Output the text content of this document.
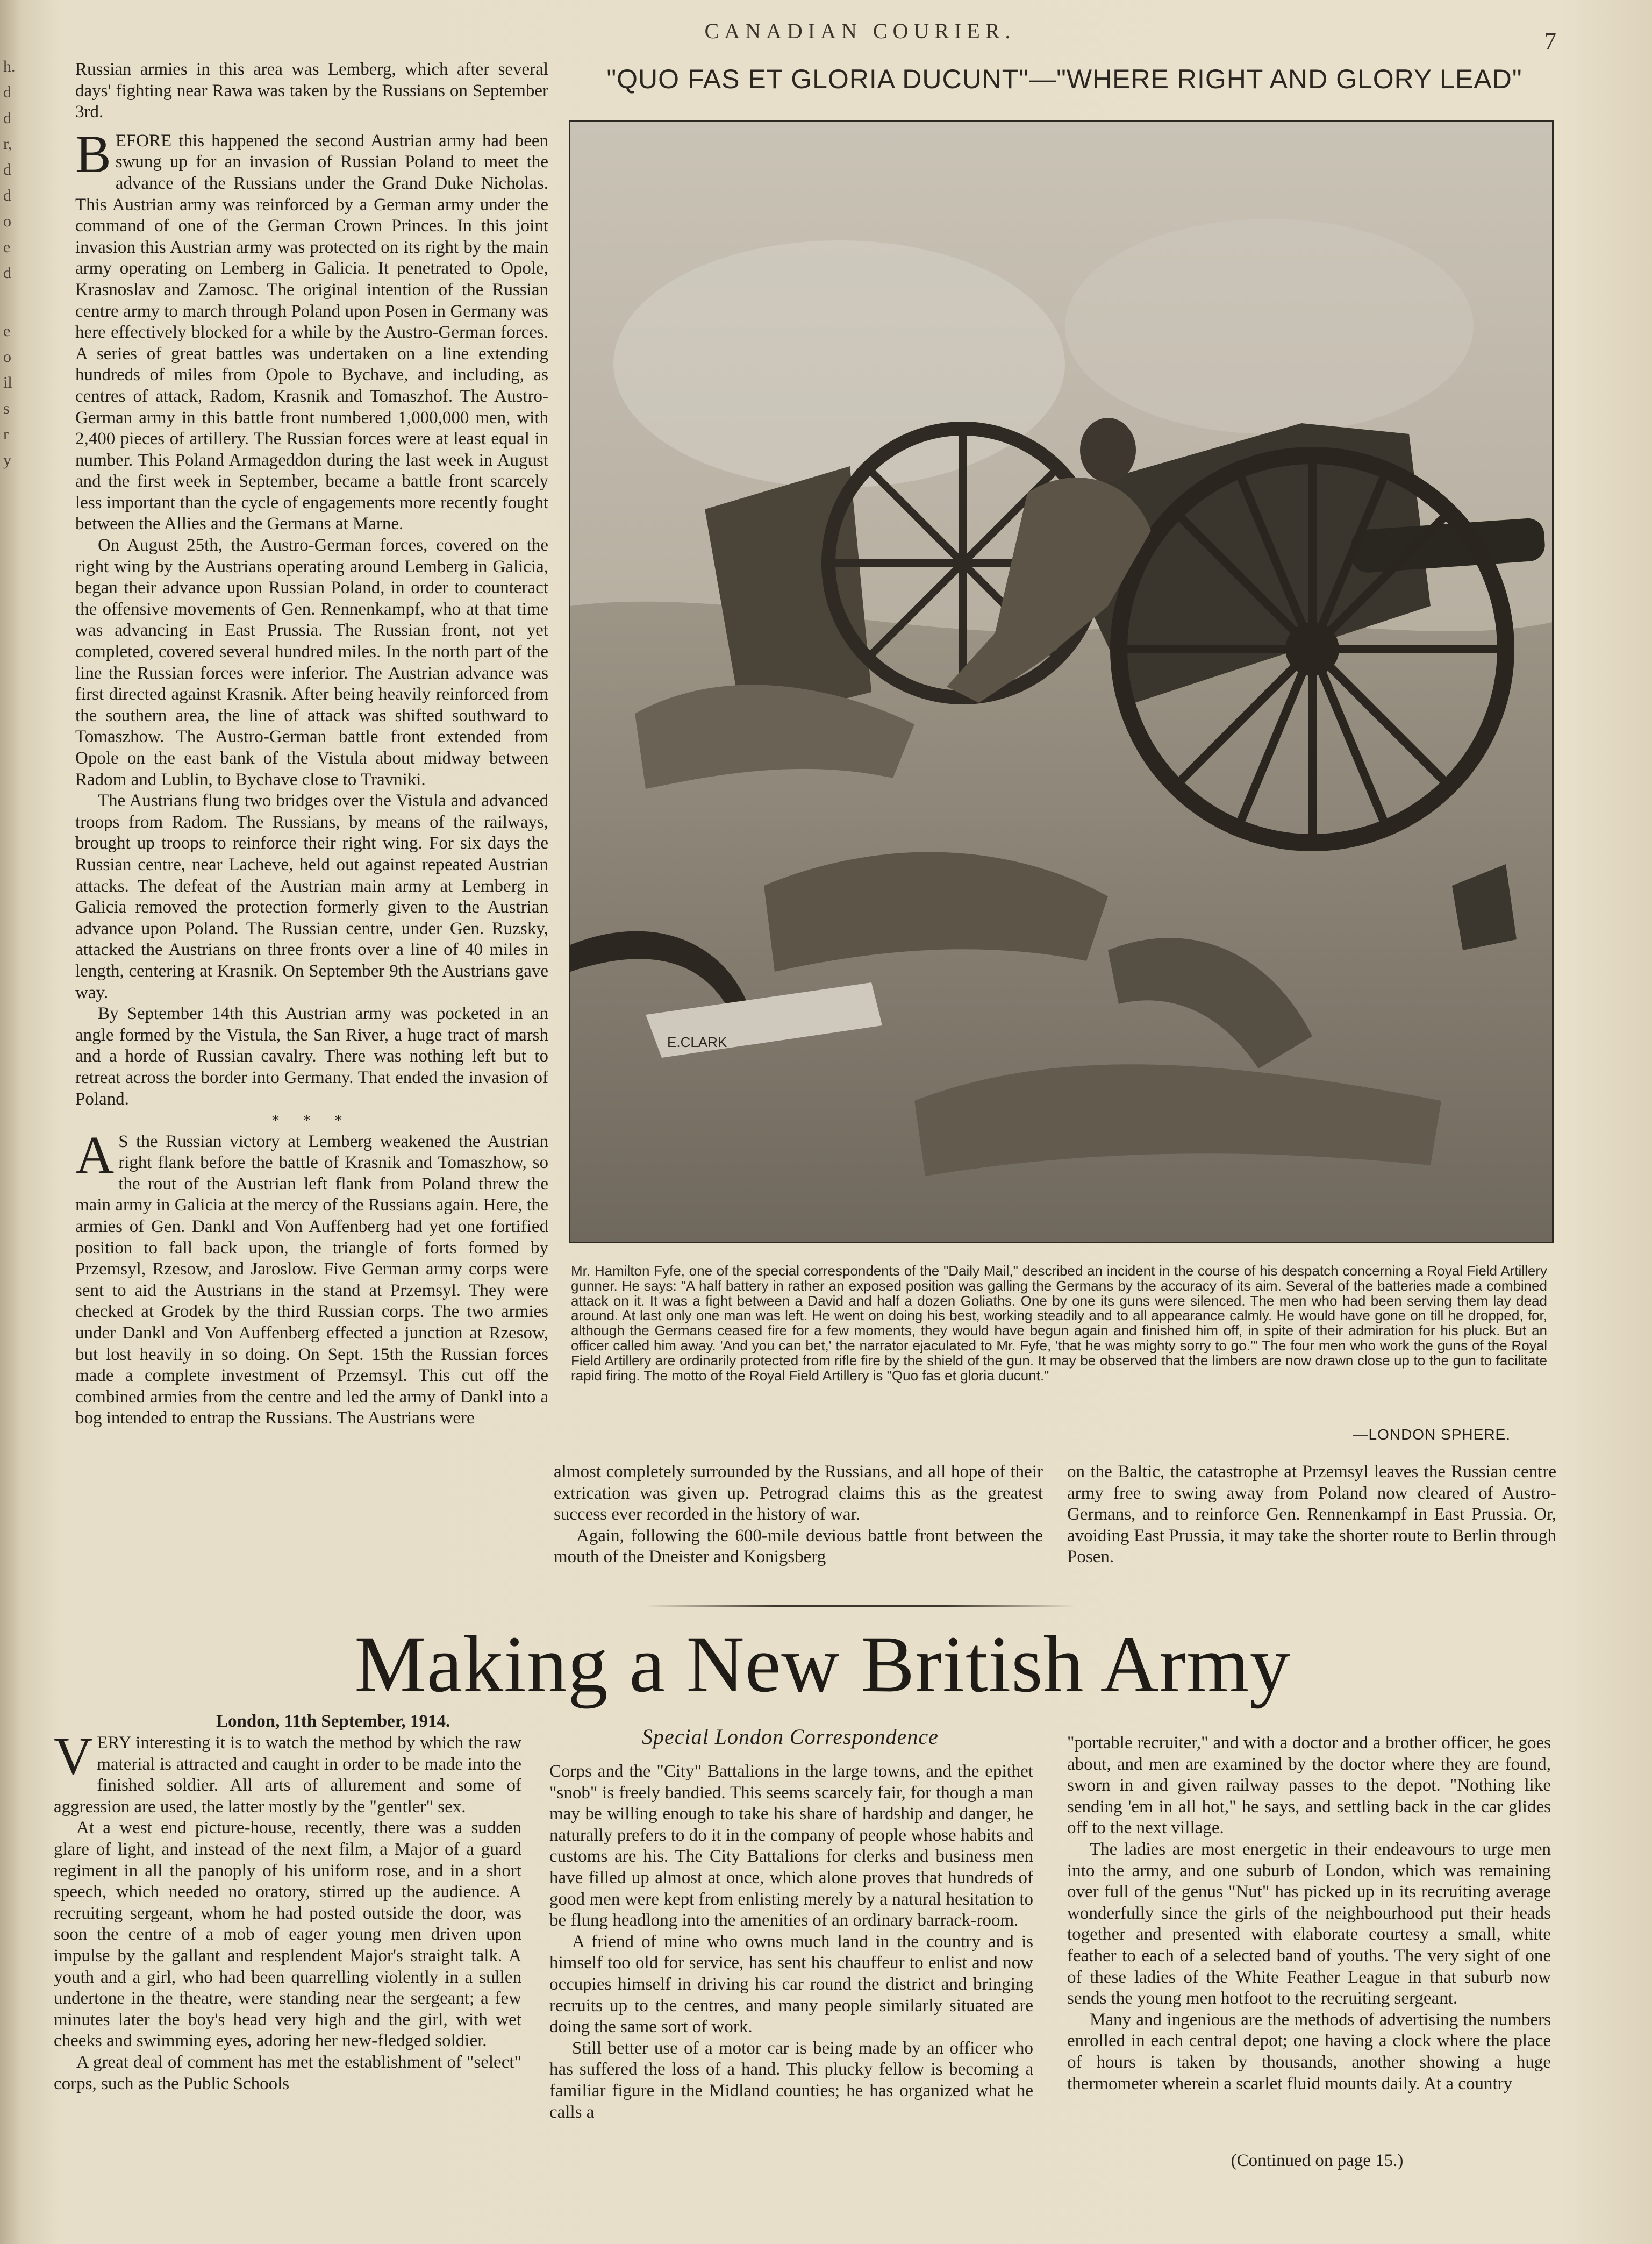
h.
d
d
r,
d
d
o
e
d
e
o
il
s
r
y
CANADIAN COURIER.	7

Russian armies in this area was Lemberg, which after several days' fighting near Rawa was taken by the Russians on September 3rd.

BEFORE this happened the second Austrian army had been swung up for an invasion of Russian Poland to meet the advance of the Russians under the Grand Duke Nicholas. This Austrian army was reinforced by a German army under the command of one of the German Crown Princes. In this joint invasion this Austrian army was protected on its right by the main army operating on Lemberg in Galicia. It penetrated to Opole, Krasnoslav and Zamosc. The original intention of the Russian centre army to march through Poland upon Posen in Germany was here effectively blocked for a while by the Austro-German forces. A series of great battles was undertaken on a line extending hundreds of miles from Opole to Bychave, and including, as centres of attack, Radom, Krasnik and Tomaszhof. The Austro-German army in this battle front numbered 1,000,000 men, with 2,400 pieces of artillery. The Russian forces were at least equal in number. This Poland Armageddon during the last week in August and the first week in September, became a battle front scarcely less important than the cycle of engagements more recently fought between the Allies and the Germans at Marne.

On August 25th, the Austro-German forces, covered on the right wing by the Austrians operating around Lemberg in Galicia, began their advance upon Russian Poland, in order to counteract the offensive movements of Gen. Rennenkampf, who at that time was advancing in East Prussia. The Russian front, not yet completed, covered several hundred miles. In the north part of the line the Russian forces were inferior. The Austrian advance was first directed against Krasnik. After being heavily reinforced from the southern area, the line of attack was shifted southward to Tomaszhow. The Austro-German battle front extended from Opole on the east bank of the Vistula about midway between Radom and Lublin, to Bychave close to Travniki.

The Austrians flung two bridges over the Vistula and advanced troops from Radom. The Russians, by means of the railways, brought up troops to reinforce their right wing. For six days the Russian centre, near Lacheve, held out against repeated Austrian attacks. The defeat of the Austrian main army at Lemberg in Galicia removed the protection formerly given to the Austrian advance upon Poland. The Russian centre, under Gen. Ruzsky, attacked the Austrians on three fronts over a line of 40 miles in length, centering at Krasnik. On September 9th the Austrians gave way.

By September 14th this Austrian army was pocketed in an angle formed by the Vistula, the San River, a huge tract of marsh and a horde of Russian cavalry. There was nothing left but to retreat across the border into Germany. That ended the invasion of Poland.

* * *

A S the Russian victory at Lemberg weakened the Austrian right flank before the battle of Krasnik and Tomaszhow, so the rout of the Austrian left flank from Poland threw the main army in Galicia at the mercy of the Russians again. Here, the armies of Gen. Dankl and Von Auffenberg had yet one fortified position to fall back upon, the triangle of forts formed by Przemsyl, Rzesow, and Jaroslow. Five German army corps were sent to aid the Austrians in the stand at Przemsyl. They were checked at Grodek by the third Russian corps. The two armies under Dankl and Von Auffenberg effected a junction at Rzesow, but lost heavily in so doing. On Sept. 15th the Russian forces made a complete investment of Przemsyl. This cut off the combined armies from the centre and led the army of Dankl into a bog intended to entrap the Russians. The Austrians were

"QUO FAS ET GLORIA DUCUNT"—"WHERE RIGHT AND GLORY LEAD"
E.CLARK
Mr. Hamilton Fyfe, one of the special correspondents of the "Daily Mail," described an incident in the course of his despatch concerning a Royal Field Artillery gunner. He says: "A half battery in rather an exposed position was galling the Germans by the accuracy of its aim. Several of the batteries made a combined attack on it. It was a fight between a David and half a dozen Goliaths. One by one its guns were silenced. The men who had been serving them lay dead around. At last only one man was left. He went on doing his best, working steadily and to all appearance calmly. He would have gone on till he dropped, for, although the Germans ceased fire for a few moments, they would have begun again and finished him off, in spite of their admiration for his pluck. But an officer called him away. 'And you can bet,' the narrator ejaculated to Mr. Fyfe, 'that he was mighty sorry to go.'" The four men who work the guns of the Royal Field Artillery are ordinarily protected from rifle fire by the shield of the gun. It may be observed that the limbers are now drawn close up to the gun to facilitate rapid firing. The motto of the Royal Field Artillery is "Quo fas et gloria ducunt."
—LONDON SPHERE.

almost completely surrounded by the Russians, and all hope of their extrication was given up. Petrograd claims this as the greatest success ever recorded in the history of war.

Again, following the 600-mile devious battle front between the mouth of the Dneister and Konigsberg

on the Baltic, the catastrophe at Przemsyl leaves the Russian centre army free to swing away from Poland now cleared of Austro-Germans, and to reinforce Gen. Rennenkampf in East Prussia. Or, avoiding East Prussia, it may take the shorter route to Berlin through Posen.

Making a New British Army
London, 11th September, 1914.
Special London Correspondence

VERY interesting it is to watch the method by which the raw material is attracted and caught in order to be made into the finished soldier. All arts of allurement and some of aggression are used, the latter mostly by the "gentler" sex.

At a west end picture-house, recently, there was a sudden glare of light, and instead of the next film, a Major of a guard regiment in all the panoply of his uniform rose, and in a short speech, which needed no oratory, stirred up the audience. A recruiting sergeant, whom he had posted outside the door, was soon the centre of a mob of eager young men driven upon impulse by the gallant and resplendent Major's straight talk. A youth and a girl, who had been quarrelling violently in a sullen undertone in the theatre, were standing near the sergeant; a few minutes later the boy's head very high and the girl, with wet cheeks and swimming eyes, adoring her new-fledged soldier.

A great deal of comment has met the establishment of "select" corps, such as the Public Schools

Corps and the "City" Battalions in the large towns, and the epithet "snob" is freely bandied. This seems scarcely fair, for though a man may be willing enough to take his share of hardship and danger, he naturally prefers to do it in the company of people whose habits and customs are his. The City Battalions for clerks and business men have filled up almost at once, which alone proves that hundreds of good men were kept from enlisting merely by a natural hesitation to be flung headlong into the amenities of an ordinary barrack-room.

A friend of mine who owns much land in the country and is himself too old for service, has sent his chauffeur to enlist and now occupies himself in driving his car round the district and bringing recruits up to the centres, and many people similarly situated are doing the same sort of work.

Still better use of a motor car is being made by an officer who has suffered the loss of a hand. This plucky fellow is becoming a familiar figure in the Midland counties; he has organized what he calls a

"portable recruiter," and with a doctor and a brother officer, he goes about, and men are examined by the doctor where they are found, sworn in and given railway passes to the depot. "Nothing like sending 'em in all hot," he says, and settling back in the car glides off to the next village.

The ladies are most energetic in their endeavours to urge men into the army, and one suburb of London, which was remaining over full of the genus "Nut" has picked up in its recruiting average wonderfully since the girls of the neighbourhood put their heads together and presented with elaborate courtesy a small, white feather to each of a selected band of youths. The very sight of one of these ladies of the White Feather League in that suburb now sends the young men hotfoot to the recruiting sergeant.

Many and ingenious are the methods of advertising the numbers enrolled in each central depot; one having a clock where the place of hours is taken by thousands, another showing a huge thermometer wherein a scarlet fluid mounts daily. At a country

(Continued on page 15.)
